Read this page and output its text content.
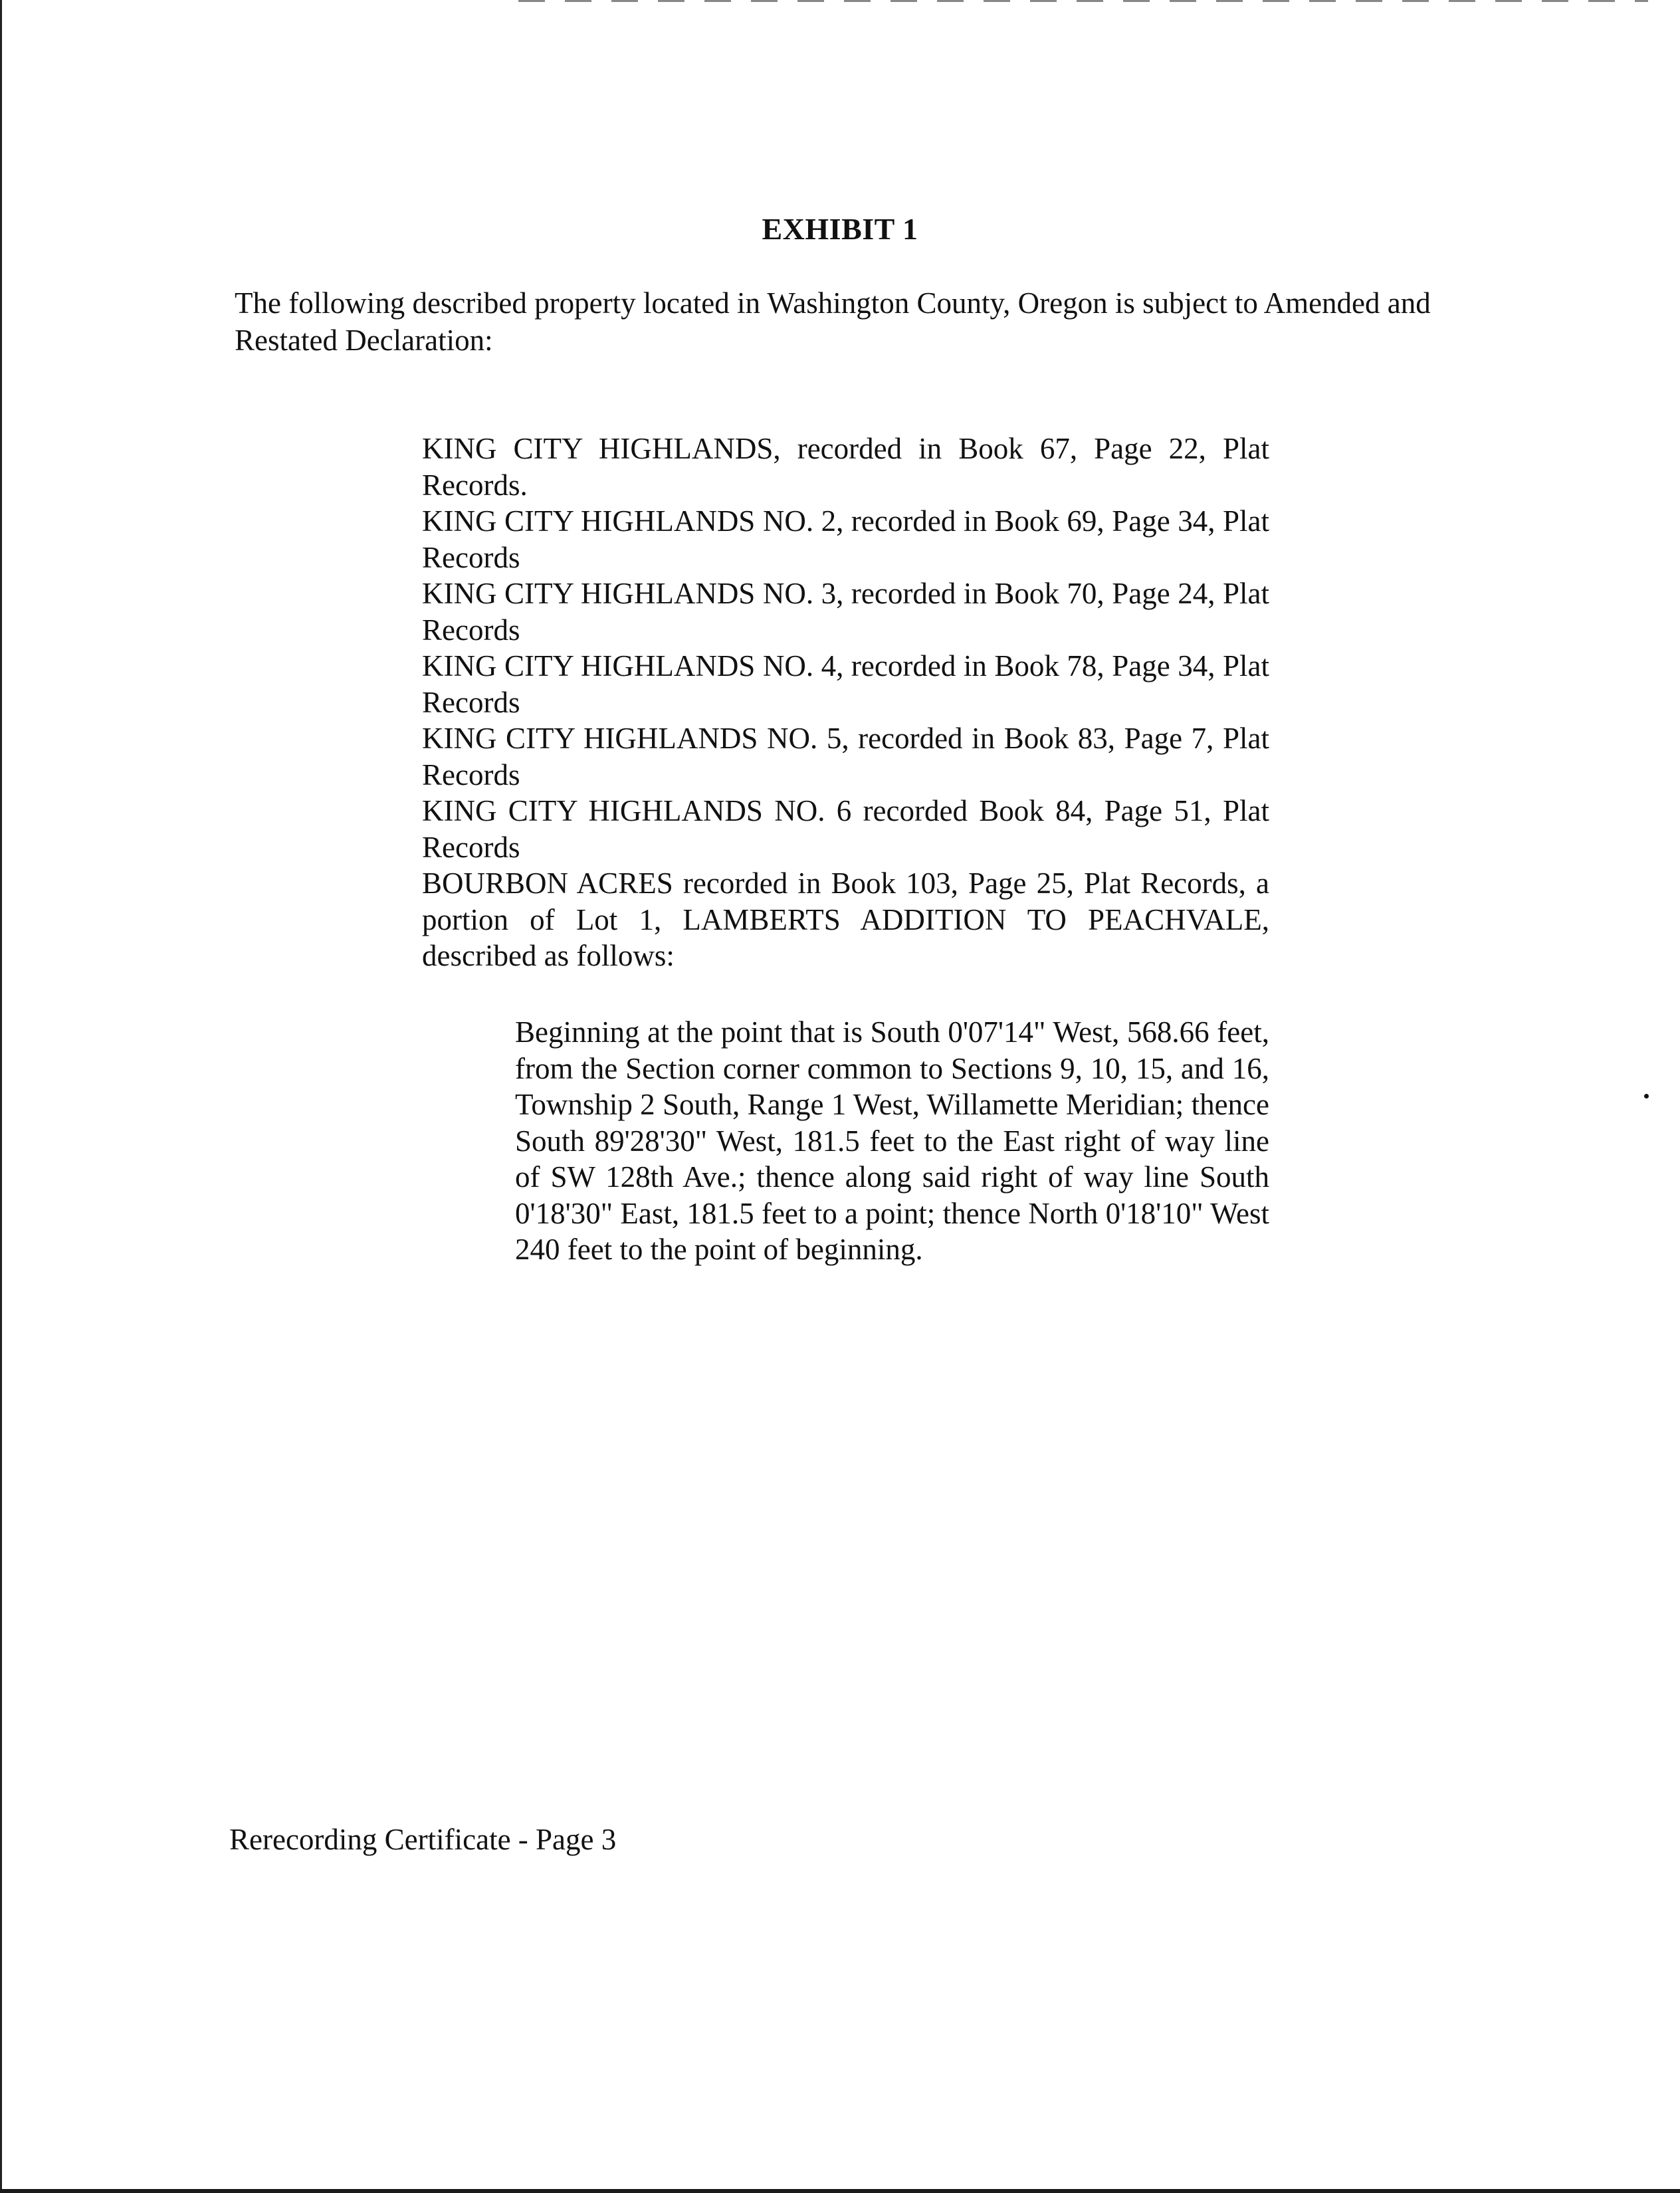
EXHIBIT 1
The following described property located in Washington County, Oregon is subject to Amended and Restated Declaration:
KING CITY HIGHLANDS, recorded in Book 67, Page 22, Plat Records.
KING CITY HIGHLANDS NO. 2, recorded in Book 69, Page 34, Plat Records
KING CITY HIGHLANDS NO. 3, recorded in Book 70, Page 24, Plat Records
KING CITY HIGHLANDS NO. 4, recorded in Book 78, Page 34, Plat Records
KING CITY HIGHLANDS NO. 5, recorded in Book 83, Page 7, Plat Records
KING CITY HIGHLANDS NO. 6 recorded Book 84, Page 51, Plat Records
BOURBON ACRES recorded in Book 103, Page 25, Plat Records, a portion of Lot 1, LAMBERTS ADDITION TO PEACHVALE, described as follows:
Beginning at the point that is South 0'07'14" West, 568.66 feet, from the Section corner common to Sections 9, 10, 15, and 16, Township 2 South, Range 1 West, Willamette Meridian; thence South 89'28'30" West, 181.5 feet to the East right of way line of SW 128th Ave.; thence along said right of way line South 0'18'30" East, 181.5 feet to a point; thence North 0'18'10" West 240 feet to the point of beginning.
Rerecording Certificate - Page 3
